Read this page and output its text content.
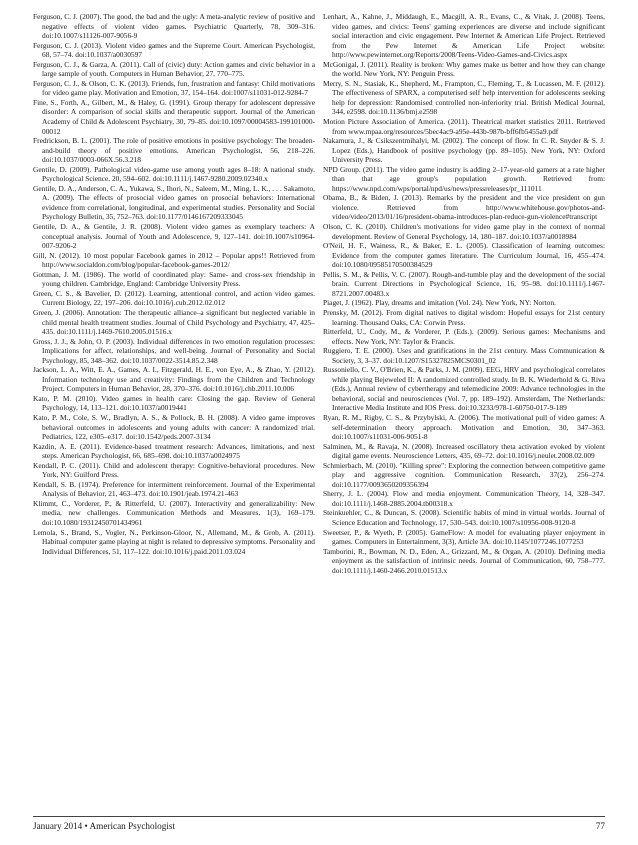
Ferguson, C. J. (2007). The good, the bad and the ugly: A meta-analytic review of positive and negative effects of violent video games. Psychiatric Quarterly, 78, 309–316. doi:10.1007/s11126-007-9056-9

Ferguson, C. J. (2013). Violent video games and the Supreme Court. American Psychologist, 68, 57–74. doi:10.1037/a0030597

Ferguson, C. J., & Garza, A. (2011). Call of (civic) duty: Action games and civic behavior in a large sample of youth. Computers in Human Behavior, 27, 770–775.

Ferguson, C. J., & Olson, C. K. (2013). Friends, fun, frustration and fantasy: Child motivations for video game play. Motivation and Emotion, 37, 154–164. doi:1007/s11031-012-9284-7

Fine, S., Forth, A., Gilbert, M., & Haley, G. (1991). Group therapy for adolescent depressive disorder: A comparison of social skills and therapeutic support. Journal of the American Academy of Child & Adolescent Psychiatry, 30, 79–85. doi:10.1097/00004583-199101000-00012

Fredrickson, B. L. (2001). The role of positive emotions in positive psychology: The broaden-and-build theory of positive emotions. American Psychologist, 56, 218–226. doi:10.1037/0003-066X.56.3.218

Gentile, D. (2009). Pathological video-game use among youth ages 8–18: A national study. Psychological Science, 20, 594–602. doi:10.1111/j.1467-9280.2009.02340.x

Gentile, D. A., Anderson, C. A., Yukawa, S., Ihori, N., Saleem, M., Ming, L. K., . . . Sakamoto, A. (2009). The effects of prosocial video games on prosocial behaviors: International evidence from correlational, longitudinal, and experimental studies. Personality and Social Psychology Bulletin, 35, 752–763. doi:10.1177/0146167209333045

Gentile, D. A., & Gentile, J. R. (2008). Violent video games as exemplary teachers: A conceptual analysis. Journal of Youth and Adolescence, 9, 127–141. doi:10.1007/s10964-007-9206-2

Gill, N. (2012). 10 most popular Facebook games in 2012 – Popular apps!! Retrieved from http://www.socialdon.com/blog/popular-facebook-games-2012/

Gottman, J. M. (1986). The world of coordinated play: Same- and cross-sex friendship in young children. Cambridge, England: Cambridge University Press.

Green, C. S., & Bavelier, D. (2012). Learning, attentional control, and action video games. Current Biology, 22, 197–206. doi:10.1016/j.cub.2012.02.012

Green, J. (2006). Annotation: The therapeutic alliance–a significant but neglected variable in child mental health treatment studies. Journal of Child Psychology and Psychiatry, 47, 425–435. doi:10.1111/j.1469-7610.2005.01516.x

Gross, J. J., & John, O. P. (2003). Individual differences in two emotion regulation processes: Implications for affect, relationships, and well-being. Journal of Personality and Social Psychology, 85, 348–362. doi:10.1037/0022-3514.85.2.348

Jackson, L. A., Witt, E. A., Games, A. I., Fitzgerald, H. E., von Eye, A., & Zhao, Y. (2012). Information technology use and creativity: Findings from the Children and Technology Project. Computers in Human Behavior, 28, 370–376. doi:10.1016/j.chb.2011.10.006

Kato, P. M. (2010). Video games in health care: Closing the gap. Review of General Psychology, 14, 113–121. doi:10.1037/a0019441

Kato, P. M., Cole, S. W., Bradlyn, A. S., & Pollock, B. H. (2008). A video game improves behavioral outcomes in adolescents and young adults with cancer: A randomized trial. Pediatrics, 122, e305–e317. doi:10.1542/peds.2007-3134

Kazdin, A. E. (2011). Evidence-based treatment research: Advances, limitations, and next steps. American Psychologist, 66, 685–698. doi:10.1037/a0024975

Kendall, P. C. (2011). Child and adolescent therapy: Cognitive-behavioral procedures. New York, NY: Guilford Press.

Kendall, S. B. (1974). Preference for intermittent reinforcement. Journal of the Experimental Analysis of Behavior, 21, 463–473. doi:10.1901/jeab.1974.21-463

Klimmt, C., Vorderer, P., & Ritterfeld, U. (2007). Interactivity and generalizability: New media, new challenges. Communication Methods and Measures, 1(3), 169–179. doi:10.1080/19312450701434961

Lemola, S., Brand, S., Vogler, N., Perkinson-Gloor, N., Allemand, M., & Grob, A. (2011). Habitual computer game playing at night is related to depressive symptoms. Personality and Individual Differences, 51, 117–122. doi:10.1016/j.paid.2011.03.024

Lenhart, A., Kahne, J., Middaugh, E., Macgill, A. R., Evans, C., & Vitak, J. (2008). Teens, video games, and civics: Teens' gaming experiences are diverse and include significant social interaction and civic engagement. Pew Internet & American Life Project. Retrieved from the Pew Internet & American Life Project website: http://www.pewinternet.org/Reports/2008/Teens-Video-Games-and-Civics.aspx

McGonigal, J. (2011). Reality is broken: Why games make us better and how they can change the world. New York, NY: Penguin Press.

Merry, S. N., Stasiak, K., Shepherd, M., Frampton, C., Fleming, T., & Lucassen, M. F. (2012). The effectiveness of SPARX, a computerised self help intervention for adolescents seeking help for depression: Randomised controlled non-inferiority trial. British Medical Journal, 344, e2598. doi:10.1136/bmj.e2598

Motion Picture Association of America. (2011). Theatrical market statistics 2011. Retrieved from www.mpaa.org/resources/5bec4ac9-a95e-443b-987b-bff6fb5455a9.pdf

Nakamura, J., & Csikszentmihalyi, M. (2002). The concept of flow. In C. R. Snyder & S. J. Lopez (Eds.), Handbook of positive psychology (pp. 89–105). New York, NY: Oxford University Press.

NPD Group. (2011). The video game industry is adding 2–17-year-old gamers at a rate higher than that age group's population growth. Retrieved from: https://www.npd.com/wps/portal/npd/us/news/pressreleases/pr_111011

Obama, B., & Biden, J. (2013). Remarks by the president and the vice president on gun violence. Retrieved from http://www.whitehouse.gov/photos-and-video/video/2013/01/16/president-obama-introduces-plan-reduce-gun-violence#transcript

Olson, C. K. (2010). Children's motivations for video game play in the context of normal development. Review of General Psychology, 14, 180–187. doi:10.1037/a0018984

O'Neil, H. F., Wainess, R., & Baker, E. L. (2005). Classification of learning outcomes: Evidence from the computer games literature. The Curriculum Journal, 16, 455–474. doi:10.1080/09585170500384529

Pellis, S. M., & Pellis, V. C. (2007). Rough-and-tumble play and the development of the social brain. Current Directions in Psychological Science, 16, 95–98. doi:10.1111/j.1467-8721.2007.00483.x

Piaget, J. (1962). Play, dreams and imitation (Vol. 24). New York, NY: Norton.

Prensky, M. (2012). From digital natives to digital wisdom: Hopeful essays for 21st century learning. Thousand Oaks, CA: Corwin Press.

Ritterfeld, U., Cody, M., & Vorderer, P. (Eds.). (2009). Serious games: Mechanisms and effects. New York, NY: Taylor & Francis.

Ruggiero, T. E. (2000). Uses and gratifications in the 21st century. Mass Communication & Society, 3, 3–37. doi:10.1207/S15327825MCS0301_02

Russoniello, C. V., O'Brien, K., & Parks, J. M. (2009). EEG, HRV and psychological correlates while playing Bejeweled II: A randomized controlled study. In B. K. Wiederhold & G. Riva (Eds.), Annual review of cybertherapy and telemedicine 2009: Advance technologies in the behavioral, social and neurosciences (Vol. 7, pp. 189–192). Amsterdam, The Netherlands: Interactive Media Institute and IOS Press. doi:10.3233/978-1-60750-017-9-189

Ryan, R. M., Rigby, C. S., & Przybylski, A. (2006). The motivational pull of video games: A self-determination theory approach. Motivation and Emotion, 30, 347–363. doi:10.1007/s11031-006-9051-8

Salminen, M., & Ravaja, N. (2008). Increased oscillatory theta activation evoked by violent digital game events. Neuroscience Letters, 435, 69–72. doi:10.1016/j.neulet.2008.02.009

Schmierbach, M. (2010). "Killing spree": Exploring the connection between competitive game play and aggressive cognition. Communication Research, 37(2), 256–274. doi:10.1177/0093650209356394

Sherry, J. L. (2004). Flow and media enjoyment. Communication Theory, 14, 328–347. doi:10.1111/j.1468-2885.2004.tb00318.x

Steinkuehler, C., & Duncan, S. (2008). Scientific habits of mind in virtual worlds. Journal of Science Education and Technology, 17, 530–543. doi:10.1007/s10956-008-9120-8

Sweetser, P., & Wyeth, P. (2005). GameFlow: A model for evaluating player enjoyment in games. Computers in Entertainment, 3(3), Article 3A. doi:10.1145/1077246.1077253

Tamborini, R., Bowman, N. D., Eden, A., Grizzard, M., & Organ, A. (2010). Defining media enjoyment as the satisfaction of intrinsic needs. Journal of Communication, 60, 758–777. doi:10.1111/j.1460-2466.2010.01513.x

January 2014 • American Psychologist	77
